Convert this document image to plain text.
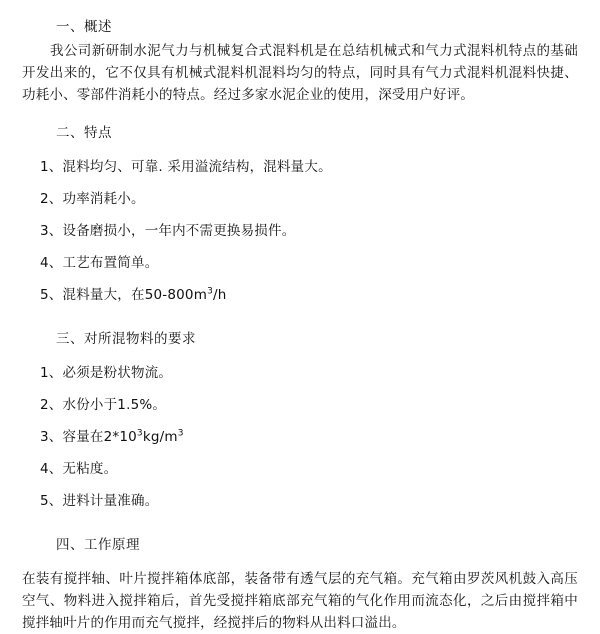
一、概述

我公司新研制水泥气力与机械复合式混料机是在总结机械式和气力式混料机特点的基础开发出来的，它不仅具有机械式混料机混料均匀的特点，同时具有气力式混料机混料快捷、功耗小、零部件消耗小的特点。经过多家水泥企业的使用，深受用户好评。

二、特点

1、混料均匀、可靠. 采用溢流结构，混料量大。

2、功率消耗小。

3、设备磨损小，一年内不需更换易损件。

4、工艺布置简单。

5、混料量大，在$50-800m^3/h$

三、对所混物料的要求

1、必须是粉状物流。

2、水份小于1.5%。

3、容量在$2*10^3kg/m^3$

4、无粘度。

5、进料计量准确。

四、工作原理

在装有搅拌轴、叶片搅拌箱体底部，装备带有透气层的充气箱。充气箱由罗茨风机鼓入高压空气、物料进入搅拌箱后，首先受搅拌箱底部充气箱的气化作用而流态化，之后由搅拌箱中搅拌轴叶片的作用而充气搅拌，经搅拌后的物料从出料口溢出。
